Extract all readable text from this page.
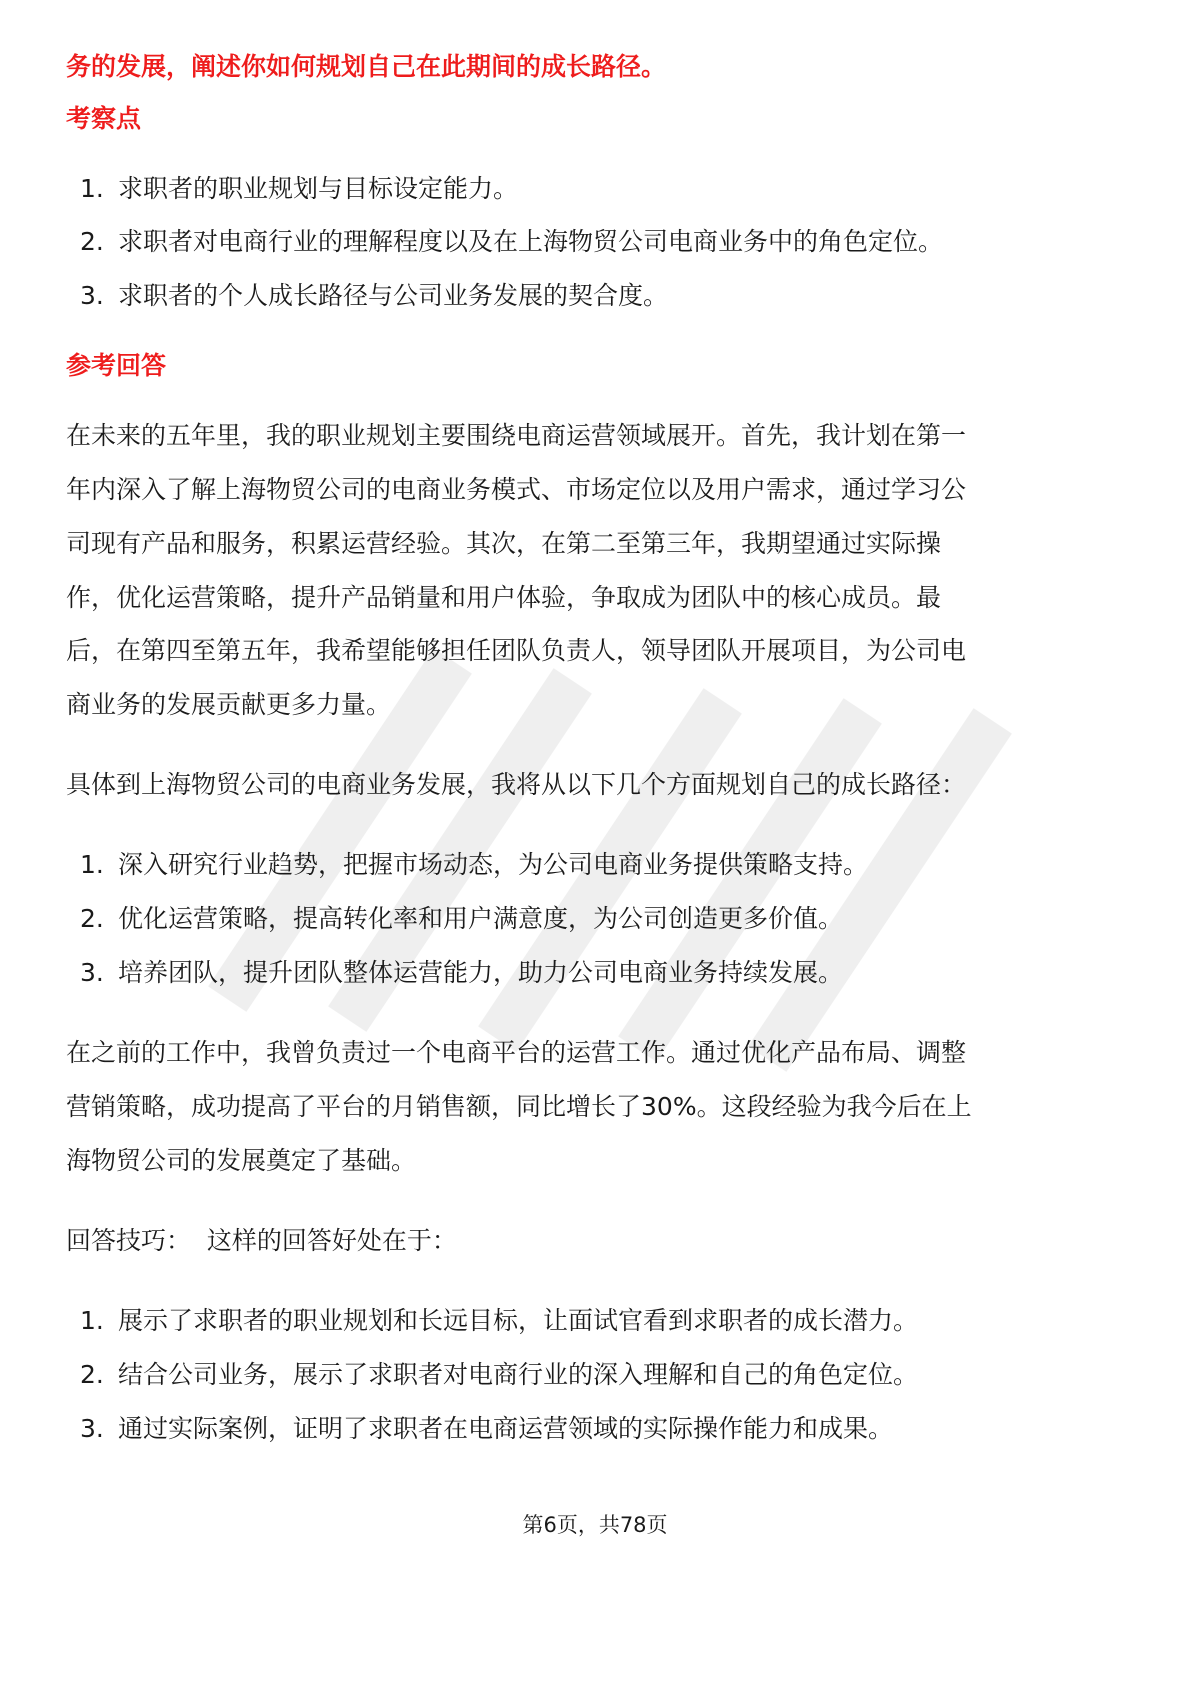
务的发展，阐述你如何规划自己在此期间的成长路径。
考察点
1. 求职者的职业规划与目标设定能力。
2. 求职者对电商行业的理解程度以及在上海物贸公司电商业务中的角色定位。
3. 求职者的个人成长路径与公司业务发展的契合度。
参考回答
在未来的五年里，我的职业规划主要围绕电商运营领域展开。首先，我计划在第一
年内深入了解上海物贸公司的电商业务模式、市场定位以及用户需求，通过学习公
司现有产品和服务，积累运营经验。其次，在第二至第三年，我期望通过实际操
作，优化运营策略，提升产品销量和用户体验，争取成为团队中的核心成员。最
后，在第四至第五年，我希望能够担任团队负责人，领导团队开展项目，为公司电
商业务的发展贡献更多力量。
具体到上海物贸公司的电商业务发展，我将从以下几个方面规划自己的成长路径：
1. 深入研究行业趋势，把握市场动态，为公司电商业务提供策略支持。
2. 优化运营策略，提高转化率和用户满意度，为公司创造更多价值。
3. 培养团队，提升团队整体运营能力，助力公司电商业务持续发展。
在之前的工作中，我曾负责过一个电商平台的运营工作。通过优化产品布局、调整
营销策略，成功提高了平台的月销售额，同比增长了30%。这段经验为我今后在上
海物贸公司的发展奠定了基础。
回答技巧：  这样的回答好处在于：
1. 展示了求职者的职业规划和长远目标，让面试官看到求职者的成长潜力。
2. 结合公司业务，展示了求职者对电商行业的深入理解和自己的角色定位。
3. 通过实际案例，证明了求职者在电商运营领域的实际操作能力和成果。
第6页，共78页
